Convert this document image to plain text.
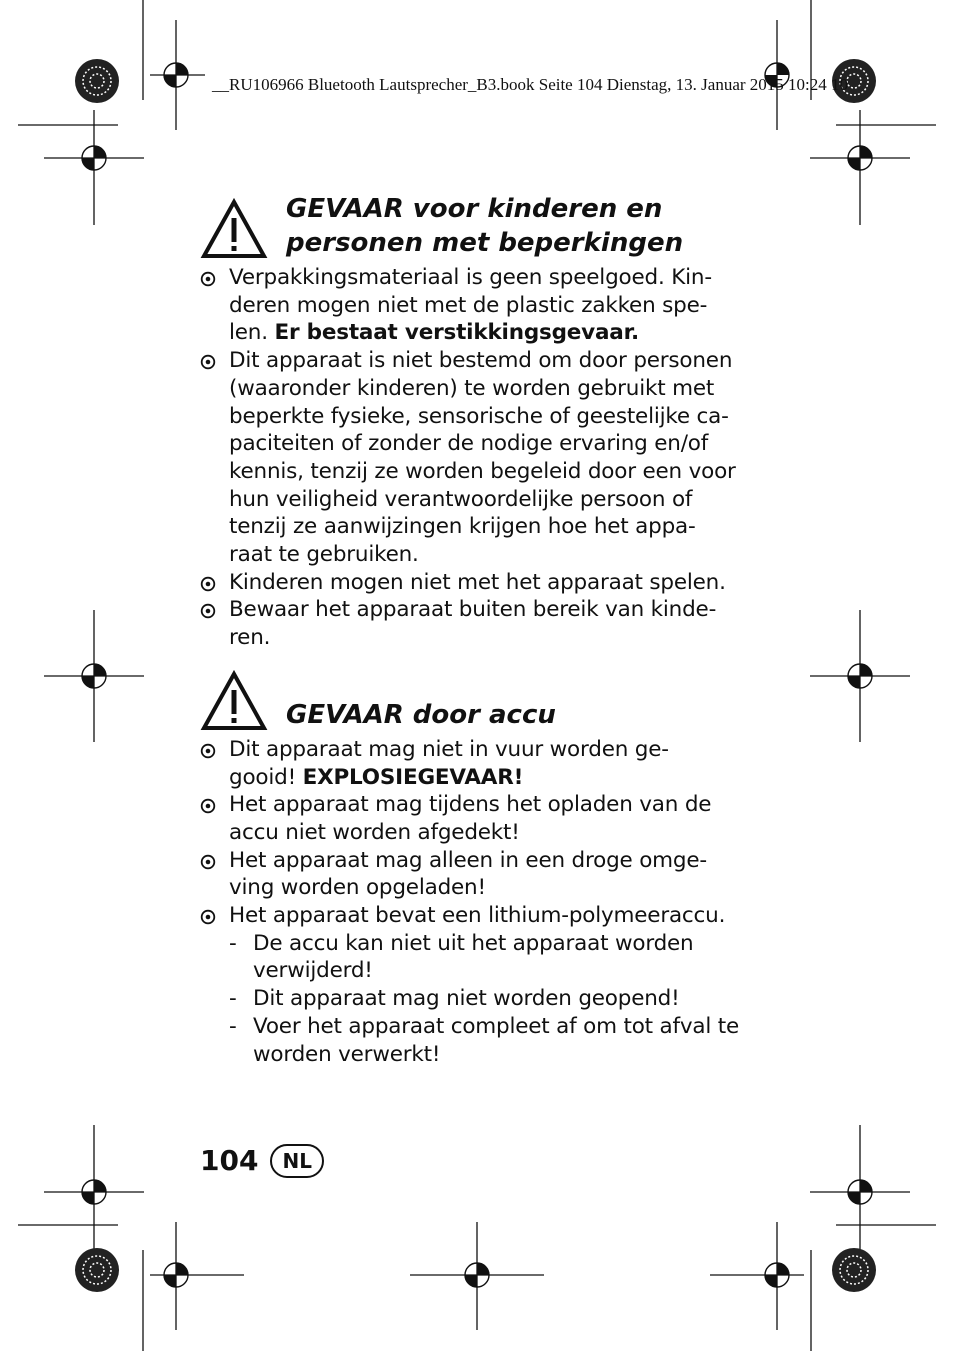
__RU106966 Bluetooth Lautsprecher_B3.book Seite 104 Dienstag, 13. Januar 2015 10:24 10
GEVAAR voor kinderen en
personen met beperkingen
Verpakkingsmateriaal is geen speelgoed. Kin- deren mogen niet met de plastic zakken spe- len. Er bestaat verstikkingsgevaar.
Dit apparaat is niet bestemd om door personen (waaronder kinderen) te worden gebruikt met beperkte fysieke, sensorische of geestelijke ca- paciteiten of zonder de nodige ervaring en/of kennis, tenzij ze worden begeleid door een voor hun veiligheid verantwoordelijke persoon of tenzij ze aanwijzingen krijgen hoe het appa- raat te gebruiken.
Kinderen mogen niet met het apparaat spelen.
Bewaar het apparaat buiten bereik van kinde- ren.
GEVAAR door accu
Dit apparaat mag niet in vuur worden ge- gooid! EXPLOSIEGEVAAR!
Het apparaat mag tijdens het opladen van de accu niet worden afgedekt!
Het apparaat mag alleen in een droge omge- ving worden opgeladen!
Het apparaat bevat een lithium-polymeeraccu.
- De accu kan niet uit het apparaat worden verwijderd!
- Dit apparaat mag niet worden geopend!
- Voer het apparaat compleet af om tot afval te worden verwerkt!
104	NL
